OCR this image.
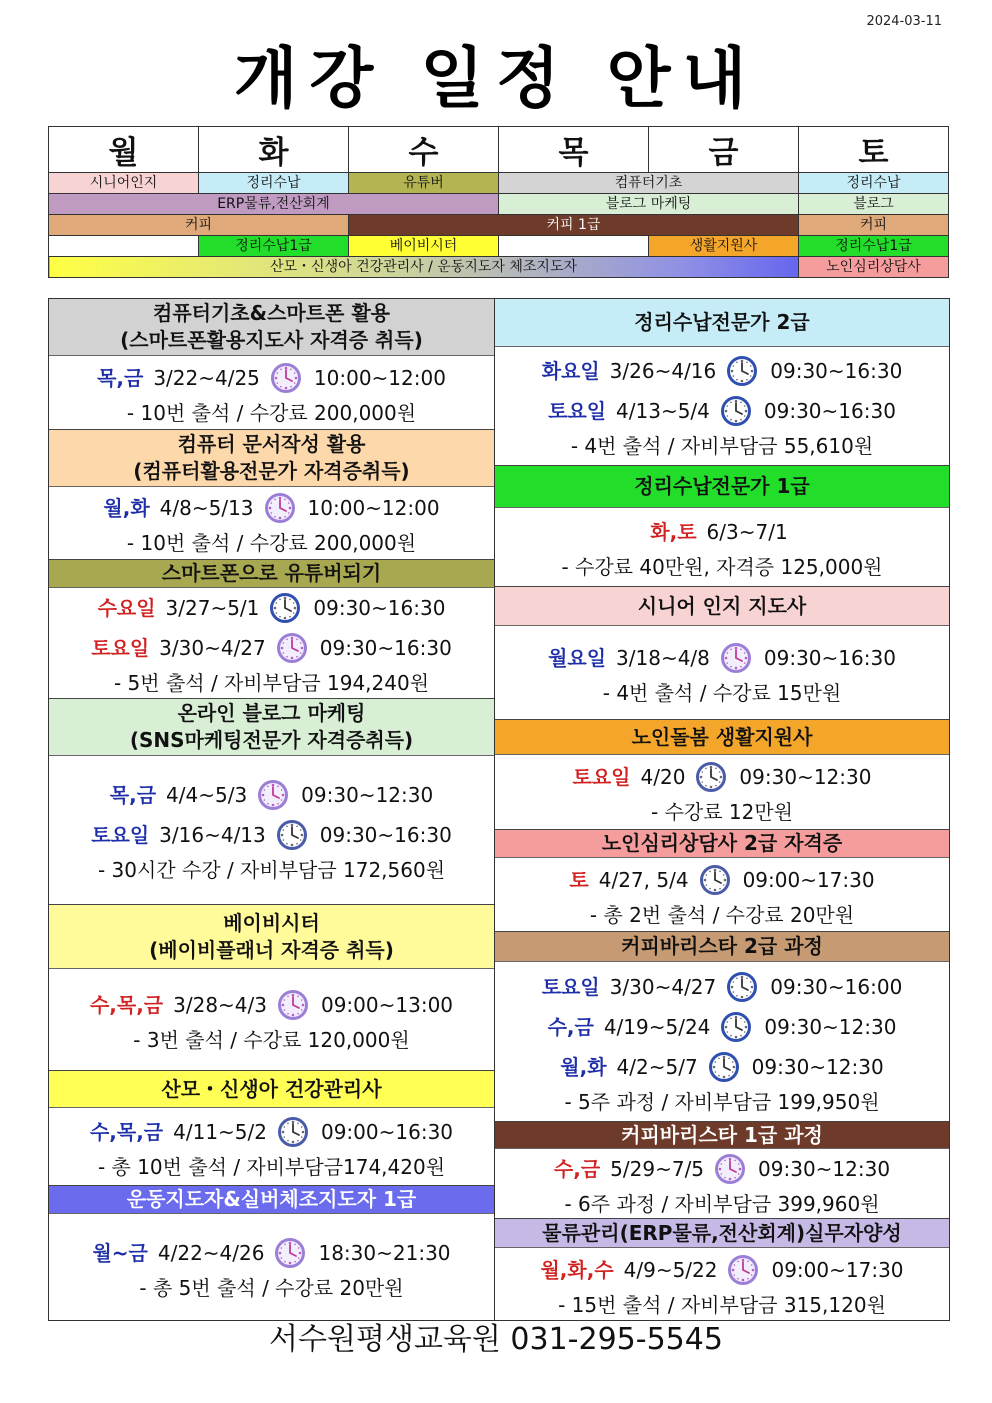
2024-03-11
개강 일정 안내
월	화	수	목	금	토
시니어인지	정리수납	유튜버	컴퓨터기초		정리수납
ERP물류,전산회계			블로그 마케팅		블로그
커피		커피 1급			커피
	정리수납1급	베이비시터		생활지원사	정리수납1급
산모・신생아 건강관리사 / 운동지도자 체조지도자					노인심리상담사
컴퓨터기초&스마트폰 활용
(스마트폰활용지도사 자격증 취득)
목,금 3/22~4/25	10:00~12:00
- 10번 출석 / 수강료 200,000원
컴퓨터 문서작성 활용
(컴퓨터활용전문가 자격증취득)
월,화 4/8~5/13	10:00~12:00
- 10번 출석 / 수강료 200,000원
스마트폰으로 유튜버되기
수요일 3/27~5/1	09:30~16:30
토요일 3/30~4/27	09:30~16:30
- 5번 출석 / 자비부담금 194,240원
온라인 블로그 마케팅
(SNS마케팅전문가 자격증취득)
목,금 4/4~5/3	09:30~12:30
토요일 3/16~4/13	09:30~16:30
- 30시간 수강 / 자비부담금 172,560원
베이비시터
(베이비플래너 자격증 취득)
수,목,금 3/28~4/3	09:00~13:00
- 3번 출석 / 수강료 120,000원
산모・신생아 건강관리사
수,목,금 4/11~5/2	09:00~16:30
- 총 10번 출석 / 자비부담금174,420원
운동지도자&실버체조지도자 1급
월~금 4/22~4/26	18:30~21:30
- 총 5번 출석 / 수강료 20만원
정리수납전문가 2급
화요일 3/26~4/16	09:30~16:30
토요일 4/13~5/4	09:30~16:30
- 4번 출석 / 자비부담금 55,610원
정리수납전문가 1급
화,토 6/3~7/1
- 수강료 40만원, 자격증 125,000원
시니어 인지 지도사
월요일 3/18~4/8	09:30~16:30
- 4번 출석 / 수강료 15만원
노인돌봄 생활지원사
토요일 4/20	09:30~12:30
- 수강료 12만원
노인심리상담사 2급 자격증
토 4/27, 5/4	09:00~17:30
- 총 2번 출석 / 수강료 20만원
커피바리스타 2급 과정
토요일 3/30~4/27	09:30~16:00
수,금 4/19~5/24	09:30~12:30
월,화 4/2~5/7	09:30~12:30
- 5주 과정 / 자비부담금 199,950원
커피바리스타 1급 과정
수,금 5/29~7/5	09:30~12:30
- 6주 과정 / 자비부담금 399,960원
물류관리(ERP물류,전산회계)실무자양성
월,화,수 4/9~5/22	09:00~17:30
- 15번 출석 / 자비부담금 315,120원
서수원평생교육원 031-295-5545
